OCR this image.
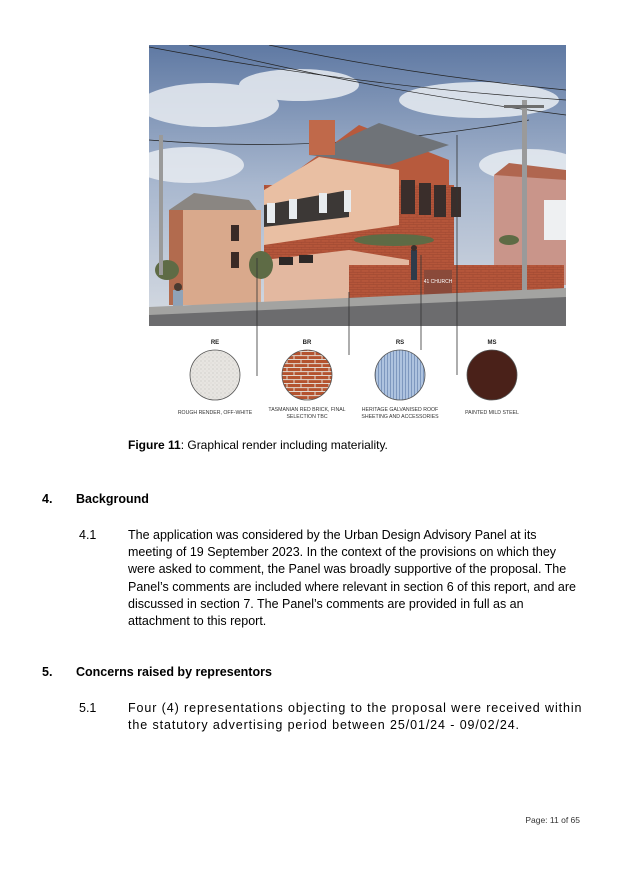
41 CHURCH
RE	BR	RS	MS
ROUGH RENDER, OFF-WHITE	TASMANIAN RED BRICK, FINAL SELECTION TBC
HERITAGE GALVANISED ROOF SHEETING AND ACCESSORIES
PAINTED MILD STEEL
Figure 11: Graphical render including materiality.
4. Background
4.1	The application was considered by the Urban Design Advisory Panel at its meeting of 19 September 2023. In the context of the provisions on which they were asked to comment, the Panel was broadly supportive of the proposal. The Panel’s comments are included where relevant in section 6 of this report, and are discussed in section 7. The Panel’s comments are provided in full as an attachment to this report.
5. Concerns raised by representors
5.1	Four (4) representations objecting to the proposal were received within the statutory advertising period between 25/01/24 - 09/02/24.
Page: 11 of 65
